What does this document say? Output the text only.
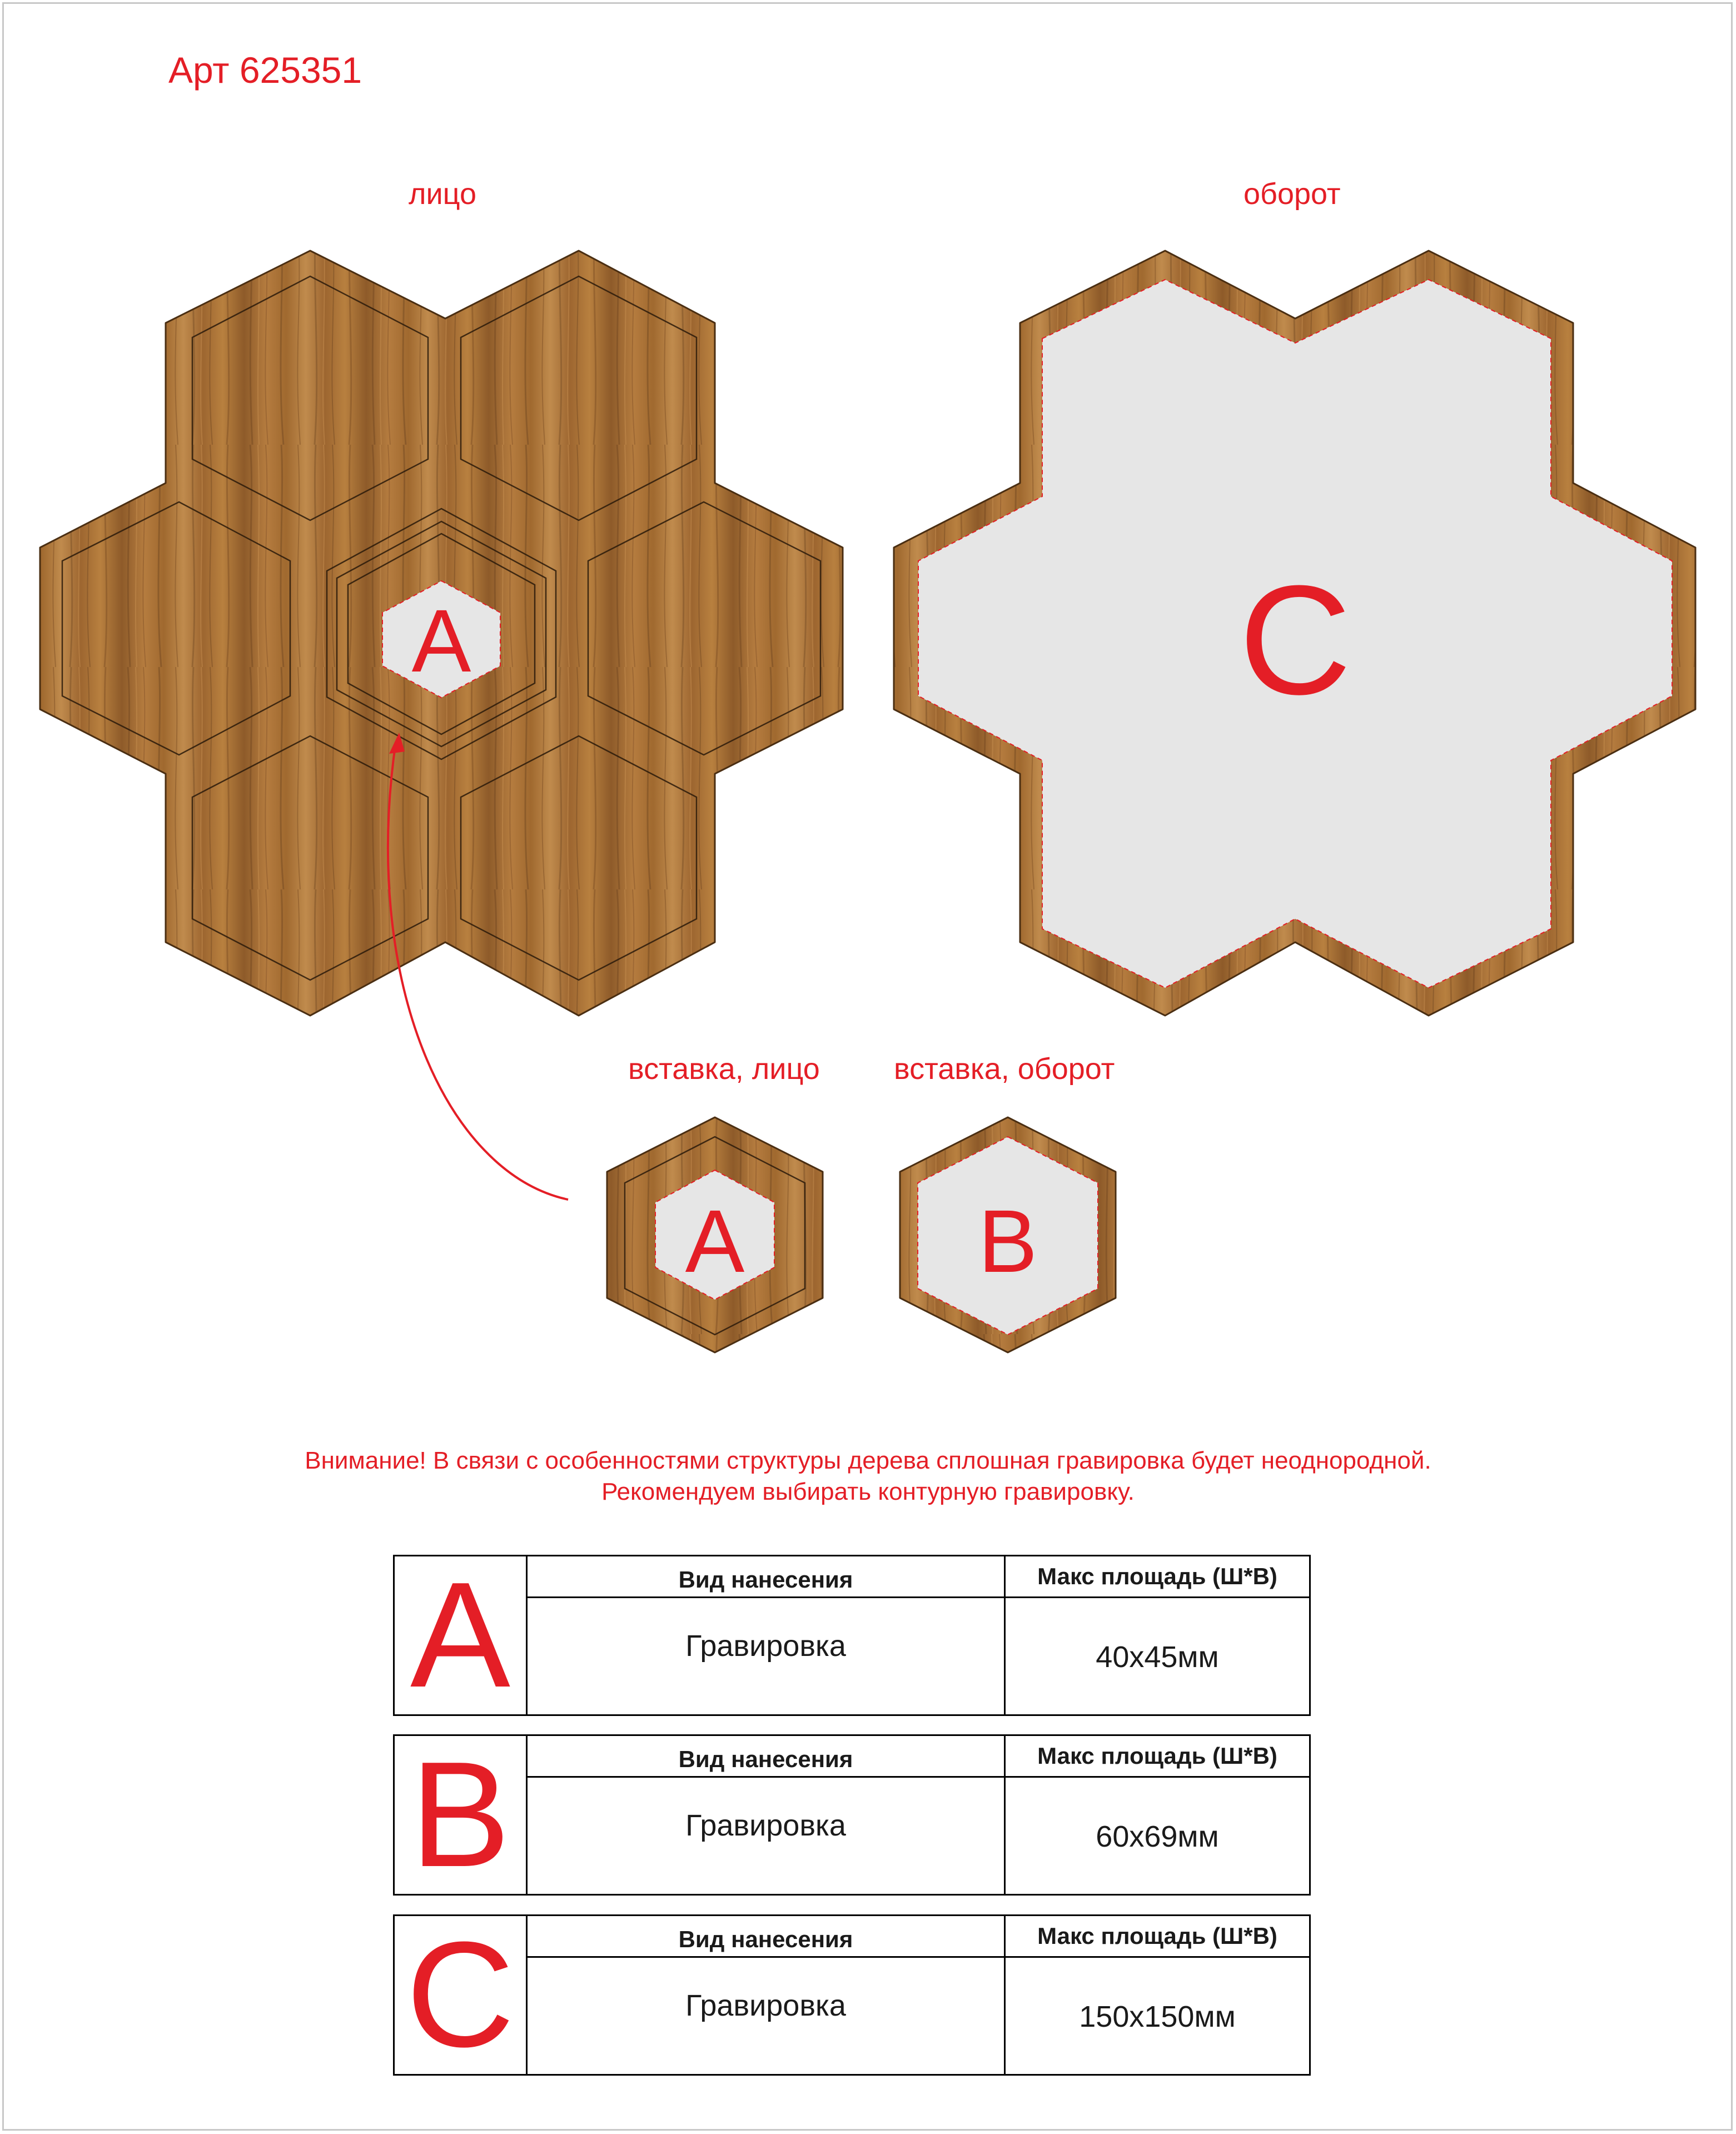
Арт 625351
лицо	оборот
вставка, лицо вставка, оборот
A	C
A	B
Внимание! В связи с особенностями структуры дерева сплошная гравировка будет неоднородной.
Рекомендуем выбирать контурную гравировку.
A	Вид нанесения	Макс площадь (Ш*В)
Гравировка	40x45мм
B	Вид нанесения	Макс площадь (Ш*В)
Гравировка	60x69мм
C	Вид нанесения	Макс площадь (Ш*В)
Гравировка	150x150мм
